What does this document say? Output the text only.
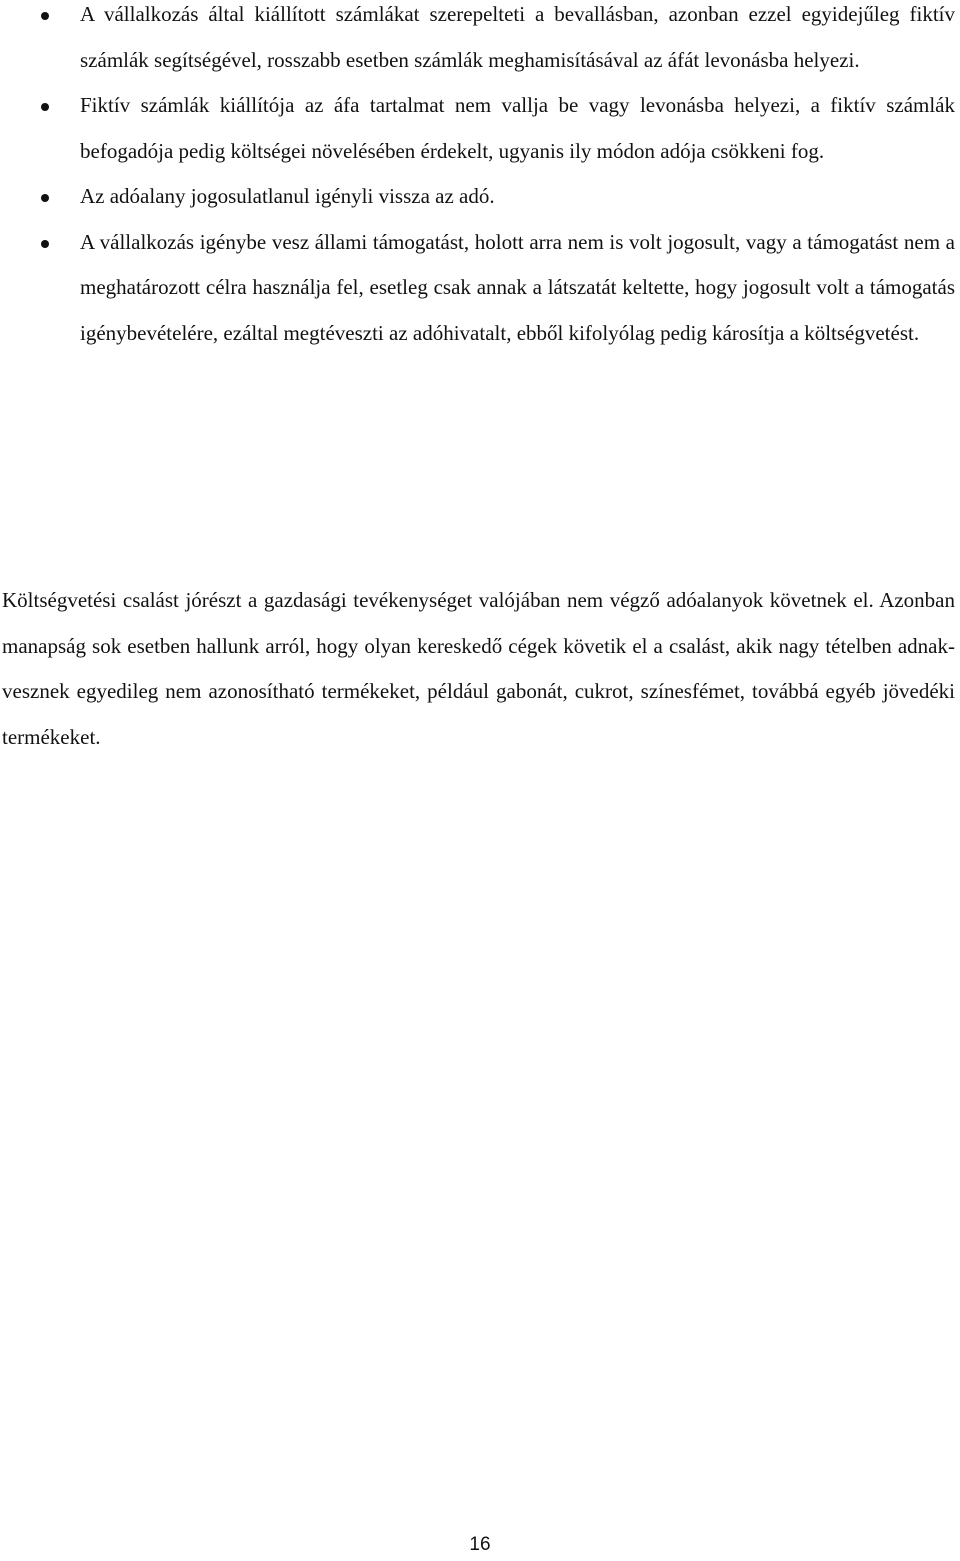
A vállalkozás által kiállított számlákat szerepelteti a bevallásban, azonban ezzel egyidejűleg fiktív számlák segítségével, rosszabb esetben számlák meghamisításával az áfát levonásba helyezi.
Fiktív számlák kiállítója az áfa tartalmat nem vallja be vagy levonásba helyezi, a fiktív számlák befogadója pedig költségei növelésében érdekelt, ugyanis ily módon adója csökkeni fog.
Az adóalany jogosulatlanul igényli vissza az adó.
A vállalkozás igénybe vesz állami támogatást, holott arra nem is volt jogosult, vagy a támogatást nem a meghatározott célra használja fel, esetleg csak annak a látszatát keltette, hogy jogosult volt a támogatás igénybevételére, ezáltal megtéveszti az adóhivatalt, ebből kifolyólag pedig károsítja a költségvetést.

Költségvetési csalást jórészt a gazdasági tevékenységet valójában nem végző adóalanyok követnek el. Azonban manapság sok esetben hallunk arról, hogy olyan kereskedő cégek követik el a csalást, akik nagy tételben adnak-vesznek egyedileg nem azonosítható termékeket, például gabonát, cukrot, színesfémet, továbbá egyéb jövedéki termékeket.

16
